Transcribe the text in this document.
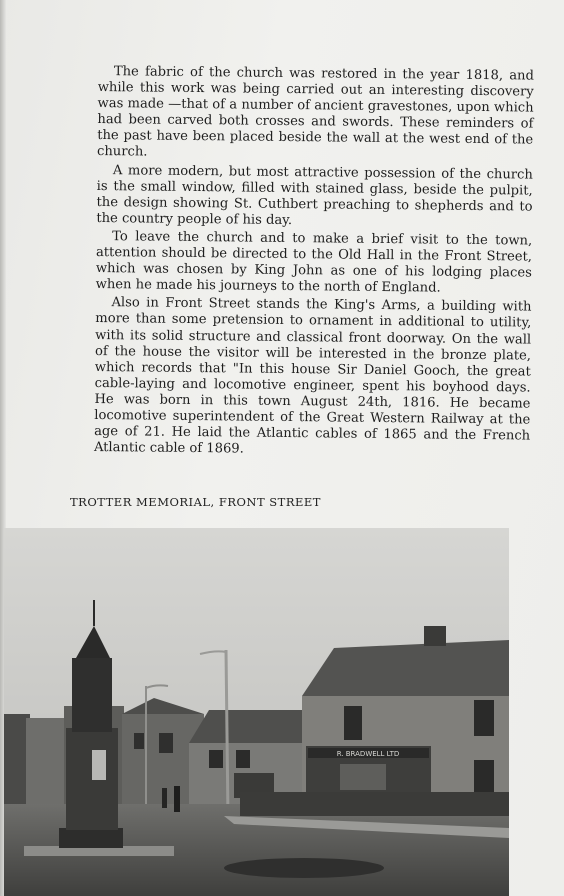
The fabric of the church was restored in the year 1818, and while this work was being carried out an interesting discovery was made —that of a number of ancient gravestones, upon which had been carved both crosses and swords. These reminders of the past have been placed beside the wall at the west end of the church.

A more modern, but most attractive possession of the church is the small window, filled with stained glass, beside the pulpit, the design showing St. Cuthbert preaching to shepherds and to the country people of his day.

To leave the church and to make a brief visit to the town, attention should be directed to the Old Hall in the Front Street, which was chosen by King John as one of his lodging places when he made his journeys to the north of England.

Also in Front Street stands the King's Arms, a building with more than some pretension to ornament in additional to utility, with its solid structure and classical front doorway. On the wall of the house the visitor will be interested in the bronze plate, which records that "In this house Sir Daniel Gooch, the great cable-laying and locomotive engineer, spent his boyhood days. He was born in this town August 24th, 1816. He became locomotive superintendent of the Great Western Railway at the age of 21. He laid the Atlantic cables of 1865 and the French Atlantic cable of 1869.

TROTTER MEMORIAL, FRONT STREET
R. BRADWELL LTD
